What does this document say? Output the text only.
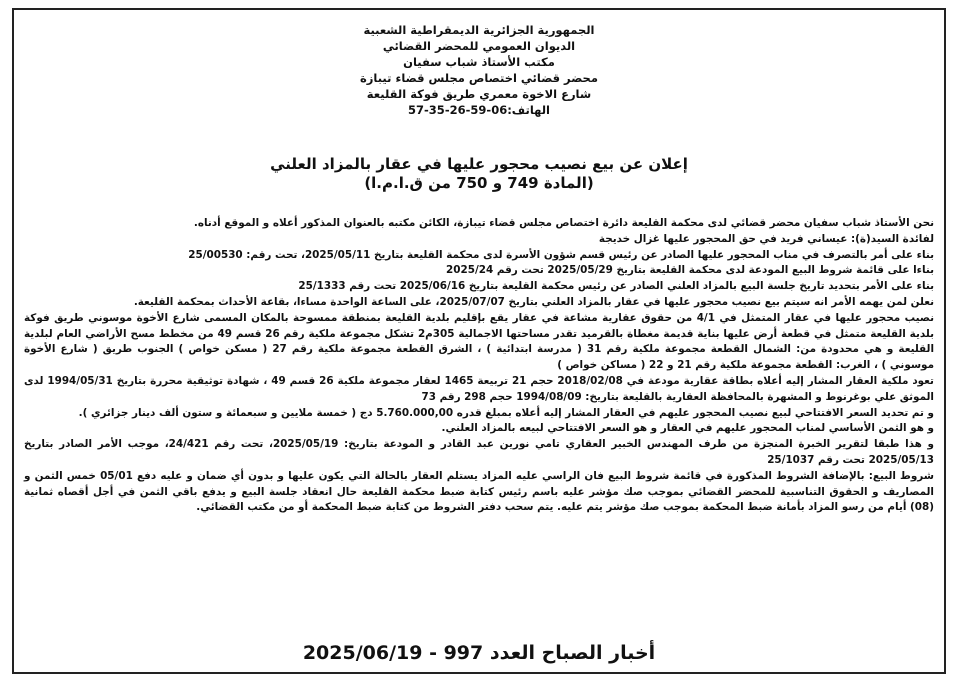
الجمهورية الجزائرية الديمقراطية الشعبية
الديوان العمومي للمحضر القضائي
مكتب الأستاذ شباب سفيان
محضر قضائي اختصاص مجلس قضاء تيبازة
شارع الاخوة معمري طريق فوكة القليعة
الهاتف:06-59-26-35-57
إعلان عن بيع نصيب محجور عليها في عقار بالمزاد العلني
(المادة 749 و 750 من ق.ا.م.ا)

نحن الأستاذ شباب سفيان محضر قضائي لدى محكمة القليعة دائرة اختصاص مجلس قضاء تيبازة، الكائن مكتبه بالعنوان المذكور أعلاه و الموقع أدناه.

لفائدة السيد(ة): عيساني فريد في حق المحجور عليها غزال خديجة

بناء على أمر بالتصرف في مناب المحجور عليها الصادر عن رئيس قسم شؤون الأسرة لدى محكمة القليعة بتاريخ 2025/05/11، تحت رقم: 25/00530

بناءا على قائمة شروط البيع المودعة لدى محكمة القليعة بتاريخ 2025/05/29 تحت رقم 2025/24

بناء على الأمر بتحديد تاريخ جلسة البيع بالمزاد العلني الصادر عن رئيس محكمة القليعة بتاريخ 2025/06/16 تحت رقم 25/1333

نعلن لمن يهمه الأمر انه سيتم بيع نصيب محجور عليها في عقار بالمزاد العلني بتاريخ 2025/07/07، على الساعة الواحدة مساءا، بقاعة الأحداث بمحكمة القليعة.

نصيب محجور عليها في عقار المتمثل في 4/1 من حقوق عقارية مشاعة في عقار يقع بإقليم بلدية القليعة بمنطقة ممسوحة بالمكان المسمى شارع الأخوة موسوني طريق فوكة بلدية القليعة متمثل في قطعة أرض عليها بناية قديمة مغطاة بالقرميد تقدر مساحتها الاجمالية 305م2 تشكل مجموعة ملكية رقم 26 قسم 49 من مخطط مسح الأراضي العام لبلدية القليعة و هي محدودة من: الشمال القطعة مجموعة ملكية رقم 31 ( مدرسة ابتدائية ) ، الشرق القطعة مجموعة ملكية رقم 27 ( مسكن خواص ) الجنوب طريق ( شارع الأخوة موسوني ) ، الغرب: القطعة مجموعة ملكية رقم 21 و 22 ( مساكن خواص )

تعود ملكية العقار المشار إليه أعلاه بطاقة عقارية مودعة في 2018/02/08 حجم 21 تربيعة 1465 لعقار مجموعة ملكية 26 قسم 49 ، شهادة توثيقية محررة بتاريخ 1994/05/31 لدى الموثق علي بوغرنوط و المشهرة بالمحافظة العقارية بالقليعة بتاريخ: 1994/08/09 حجم 298 رقم 73

و تم تحديد السعر الافتتاحي لبيع نصيب المحجور عليهم في العقار المشار إليه أعلاه بمبلغ قدره 5.760.000,00 دج ( خمسة ملايين و سبعمائة و ستون ألف دينار جزائري ).

و هو الثمن الأساسي لمناب المحجور عليهم في العقار و هو السعر الافتتاحي لبيعه بالمزاد العلني.

و هذا طبقا لتقرير الخبرة المنجزة من طرف المهندس الخبير العقاري تامي نورين عبد القادر و المودعة بتاريخ: 2025/05/19، تحت رقم 24/421، موجب الأمر الصادر بتاريخ 2025/05/13 تحت رقم 25/1037

شروط البيع: بالإضافة الشروط المذكورة في قائمة شروط البيع فان الراسي عليه المزاد يستلم العقار بالحالة التي يكون عليها و بدون أي ضمان و عليه دفع 05/01 خمس الثمن و المصاريف و الحقوق التناسبية للمحضر القضائي بموجب صك مؤشر عليه باسم رئيس كتابة ضبط محكمة القليعة حال انعقاد جلسة البيع و يدفع باقي الثمن في أجل أقصاه ثمانية (08) أيام من رسو المزاد بأمانة ضبط المحكمة بموجب صك مؤشر يتم عليه. يتم سحب دفتر الشروط من كتابة ضبط المحكمة أو من مكتب القضائي.

أخبار الصباح العدد 997 - 2025/06/19
